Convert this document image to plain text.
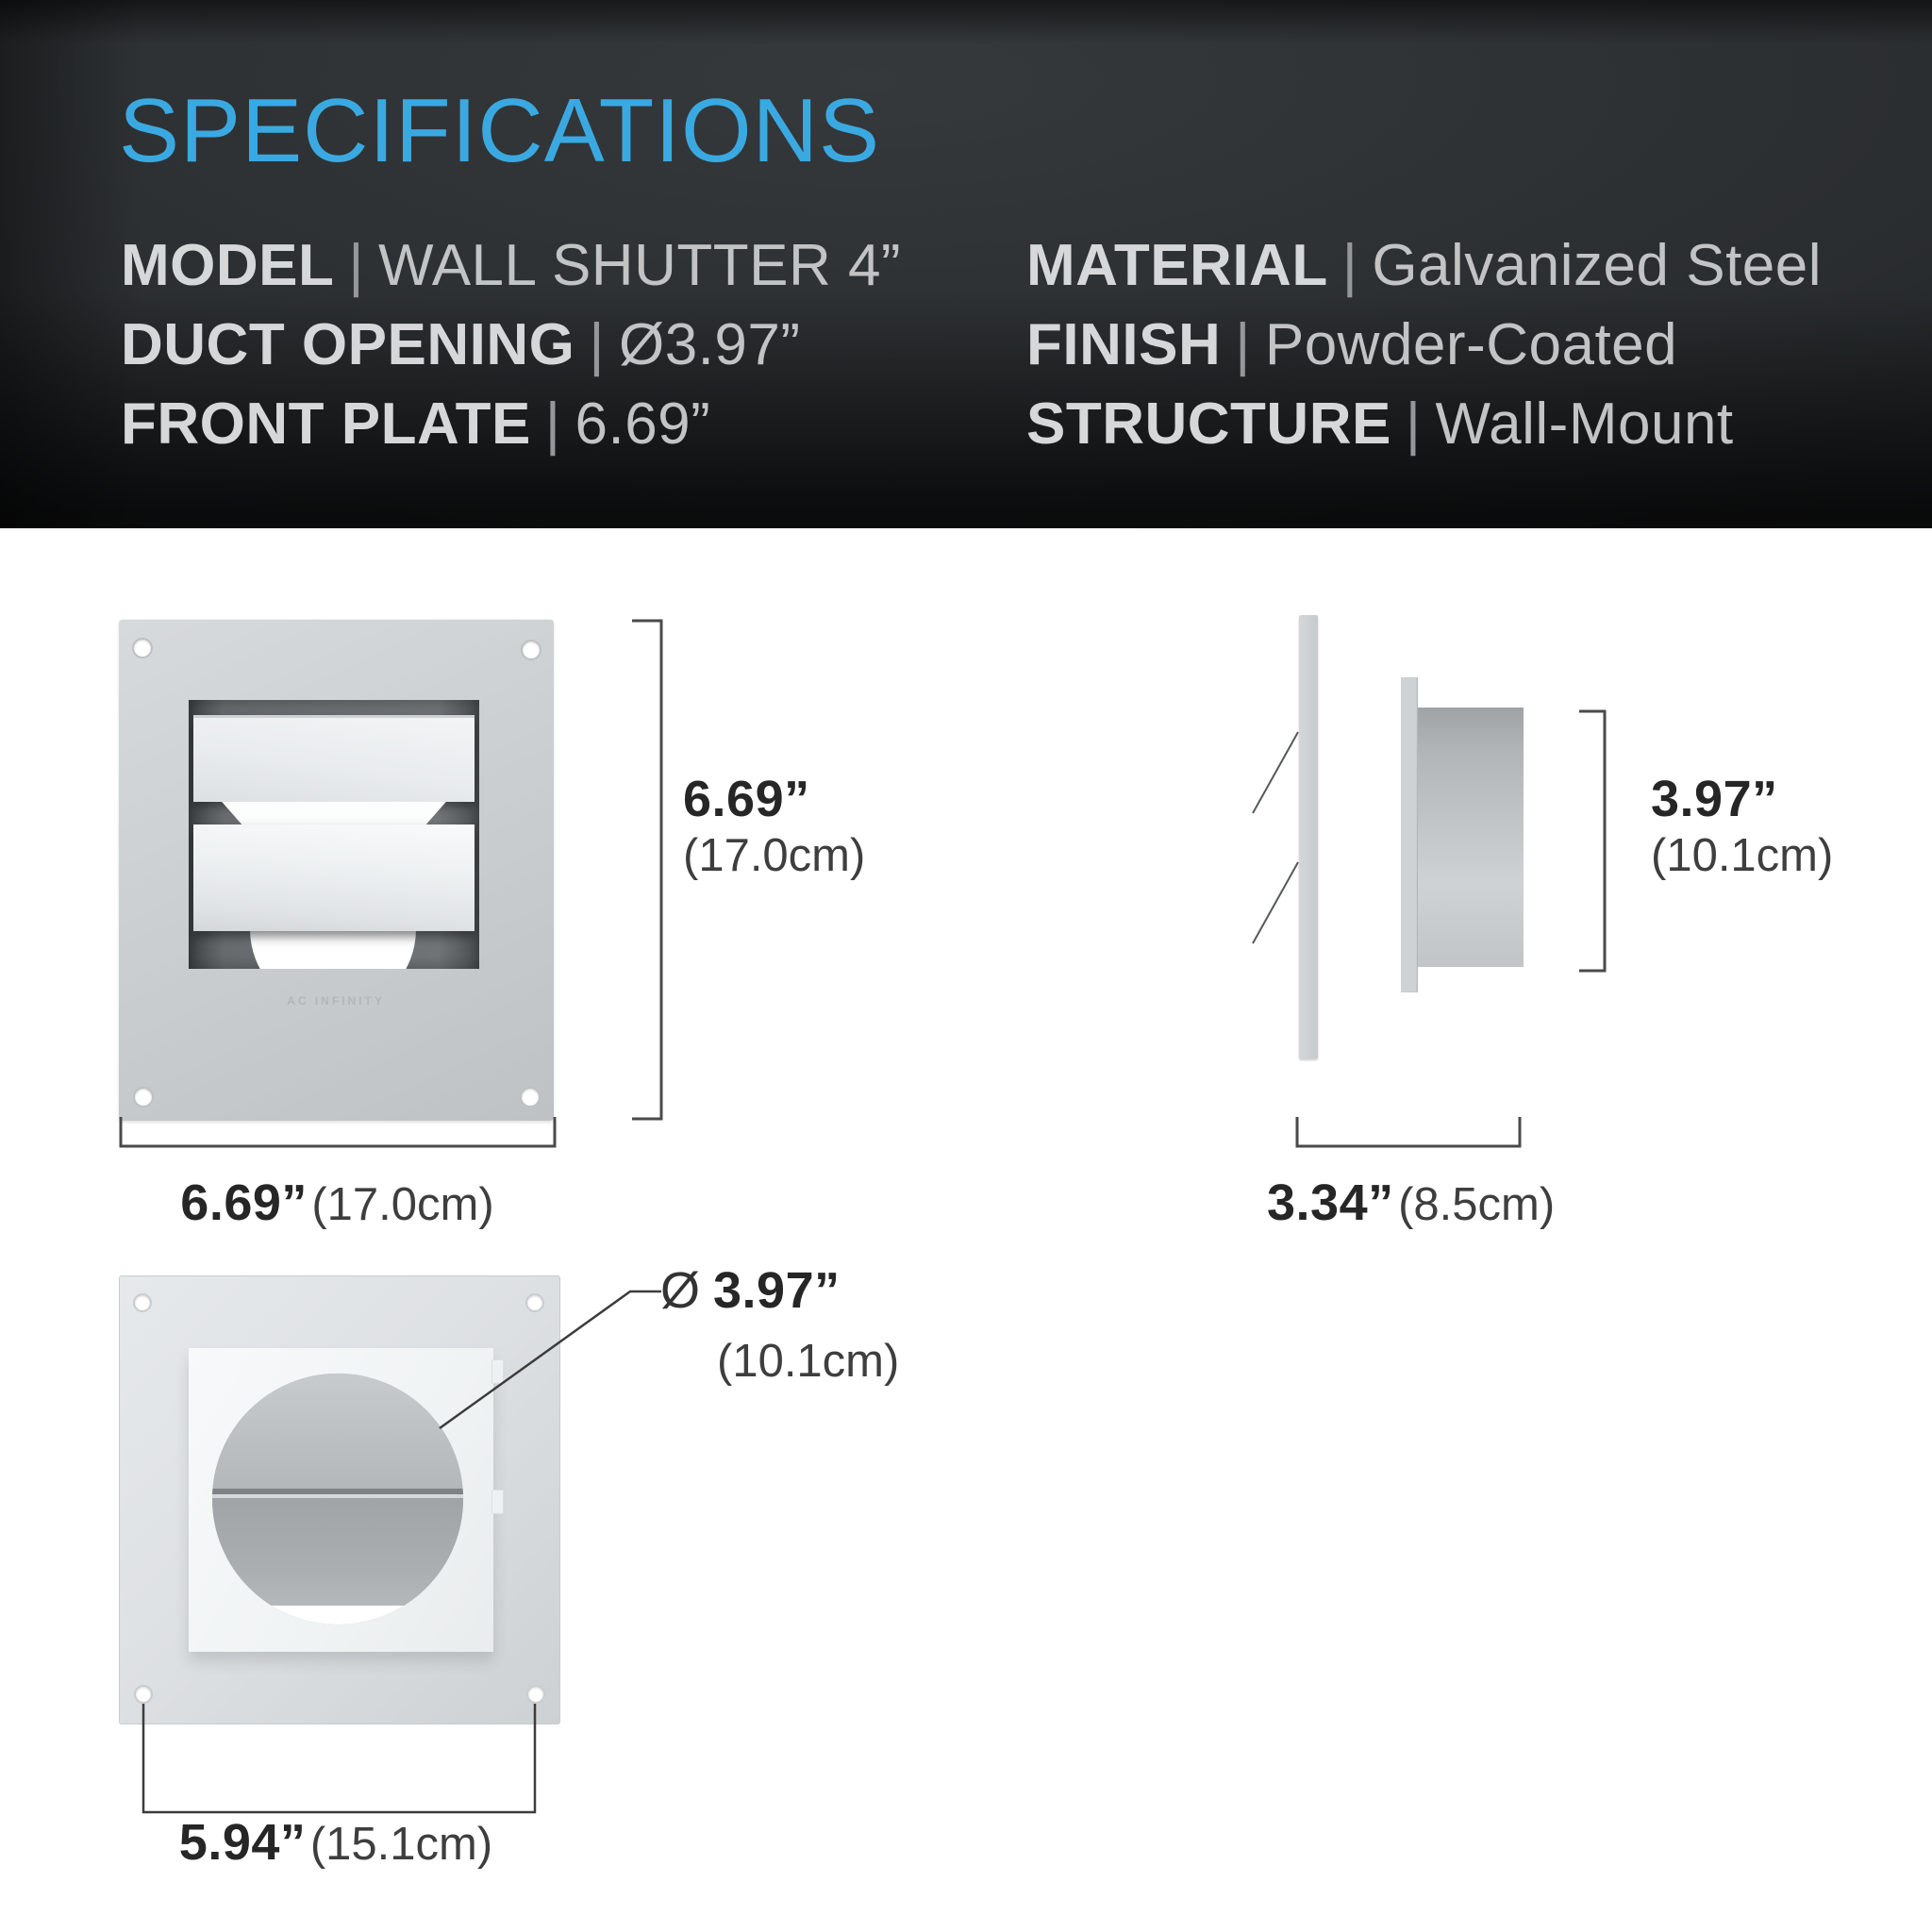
SPECIFICATIONS
MODEL | WALL SHUTTER 4”
DUCT OPENING | Ø3.97”
FRONT PLATE | 6.69”
MATERIAL | Galvanized Steel
FINISH | Powder-Coated
STRUCTURE | Wall-Mount
AC INFINITY
6.69”
(17.0cm)
6.69” (17.0cm)
3.97”
(10.1cm)
3.34” (8.5cm)
Ø 3.97”
(10.1cm)
5.94” (15.1cm)
